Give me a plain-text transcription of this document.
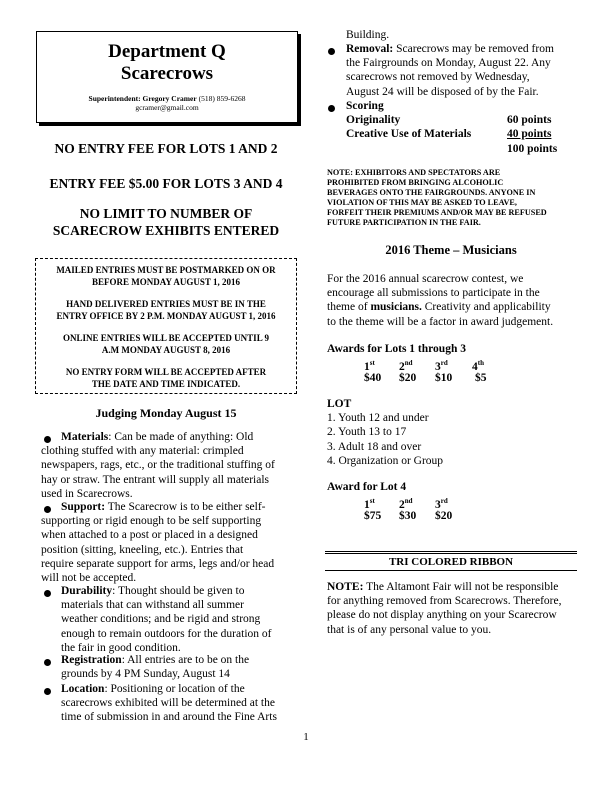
Department Q
Scarecrows
Superintendent: Gregory Cramer (518) 859-6268
gcramer@gmail.com
NO ENTRY FEE FOR LOTS 1 AND 2
ENTRY FEE $5.00 FOR LOTS 3 AND 4
NO LIMIT TO NUMBER OF
SCARECROW EXHIBITS ENTERED

MAILED ENTRIES MUST BE POSTMARKED ON OR

BEFORE MONDAY AUGUST 1, 2016

HAND DELIVERED ENTRIES MUST BE IN THE

ENTRY OFFICE BY 2 P.M. MONDAY AUGUST 1, 2016

ONLINE ENTRIES WILL BE ACCEPTED UNTIL 9

A.M MONDAY AUGUST 8, 2016

NO ENTRY FORM WILL BE ACCEPTED AFTER

THE DATE AND TIME INDICATED.

Judging Monday August 15
Materials: Can be made of anything: Old
clothing stuffed with any material: crimpled
newspapers, rags, etc., or the traditional stuffing of
hay or straw. The entrant will supply all materials
used in Scarecrows.
Support: The Scarecrow is to be either self-
supporting or rigid enough to be self supporting
when attached to a post or placed in a designed
position (sitting, kneeling, etc.). Entries that
require separate support for arms, legs and/or head
will not be accepted.
Durability: Thought should be given to
materials that can withstand all summer
weather conditions; and be rigid and strong
enough to remain outdoors for the duration of
the fair in good condition.
Registration: All entries are to be on the
grounds by 4 PM Sunday, August 14
Location: Positioning or location of the
scarecrows exhibited will be determined at the
time of submission in and around the Fine Arts
Building.
Removal: Scarecrows may be removed from
the Fairgrounds on Monday, August 22. Any
scarecrows not removed by Wednesday,
August 24 will be disposed of by the Fair.
Scoring
Originality	60 points
Creative Use of Materials	40 points
100 points
NOTE: EXHIBITORS AND SPECTATORS ARE
PROHIBITED FROM BRINGING ALCOHOLIC
BEVERAGES ONTO THE FAIRGROUNDS. ANYONE IN
VIOLATION OF THIS MAY BE ASKED TO LEAVE,
FORFEIT THEIR PREMIUMS AND/OR MAY BE REFUSED
FUTURE PARTICIPATION IN THE FAIR.
2016 Theme – Musicians
For the 2016 annual scarecrow contest, we
encourage all submissions to participate in the
theme of musicians. Creativity and applicability
to the theme will be a factor in award judgement.
Awards for Lots 1 through 3
1st 2nd 3rd 4th
$40 $20 $10 $5
LOT
1. Youth 12 and under
2. Youth 13 to 17
3. Adult 18 and over
4. Organization or Group
Award for Lot 4
1st 2nd 3rd
$75 $30 $20
TRI COLORED RIBBON
NOTE: The Altamont Fair will not be responsible
for anything removed from Scarecrows. Therefore,
please do not display anything on your Scarecrow
that is of any personal value to you.
1
